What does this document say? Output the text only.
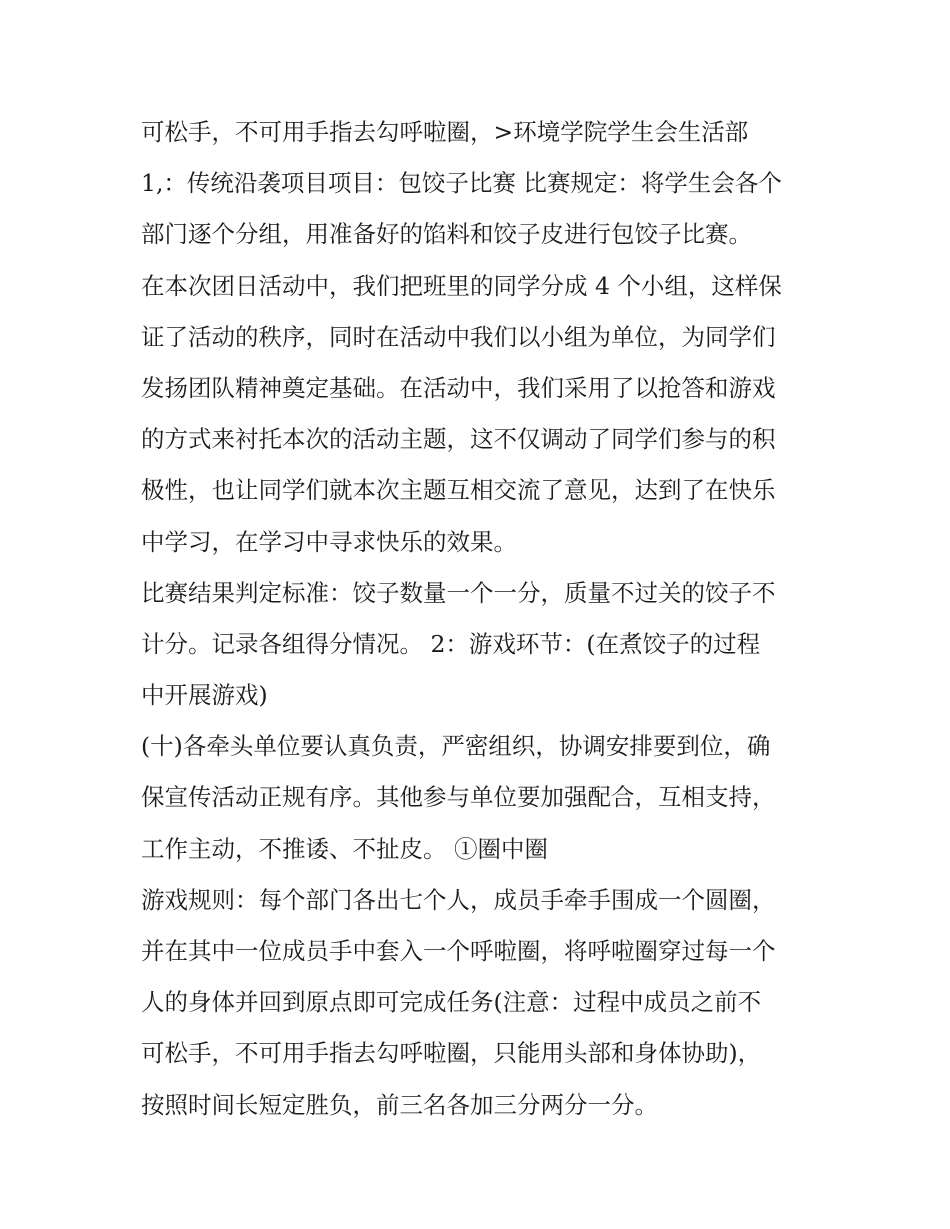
可松手，不可用手指去勾呼啦圈，>环境学院学生会生活部
1,：传统沿袭项目项目：包饺子比赛 比赛规定：将学生会各个
部门逐个分组，用准备好的馅料和饺子皮进行包饺子比赛。
在本次团日活动中，我们把班里的同学分成 4 个小组，这样保
证了活动的秩序，同时在活动中我们以小组为单位，为同学们
发扬团队精神奠定基础。在活动中，我们采用了以抢答和游戏
的方式来衬托本次的活动主题，这不仅调动了同学们参与的积
极性，也让同学们就本次主题互相交流了意见，达到了在快乐
中学习，在学习中寻求快乐的效果。
比赛结果判定标准：饺子数量一个一分，质量不过关的饺子不
计分。记录各组得分情况。 2：游戏环节：(在煮饺子的过程
中开展游戏)
(十)各牵头单位要认真负责，严密组织，协调安排要到位，确
保宣传活动正规有序。其他参与单位要加强配合，互相支持，
工作主动，不推诿、不扯皮。 ①圈中圈
游戏规则：每个部门各出七个人，成员手牵手围成一个圆圈，
并在其中一位成员手中套入一个呼啦圈，将呼啦圈穿过每一个
人的身体并回到原点即可完成任务(注意：过程中成员之前不
可松手，不可用手指去勾呼啦圈，只能用头部和身体协助)，
按照时间长短定胜负，前三名各加三分两分一分。
